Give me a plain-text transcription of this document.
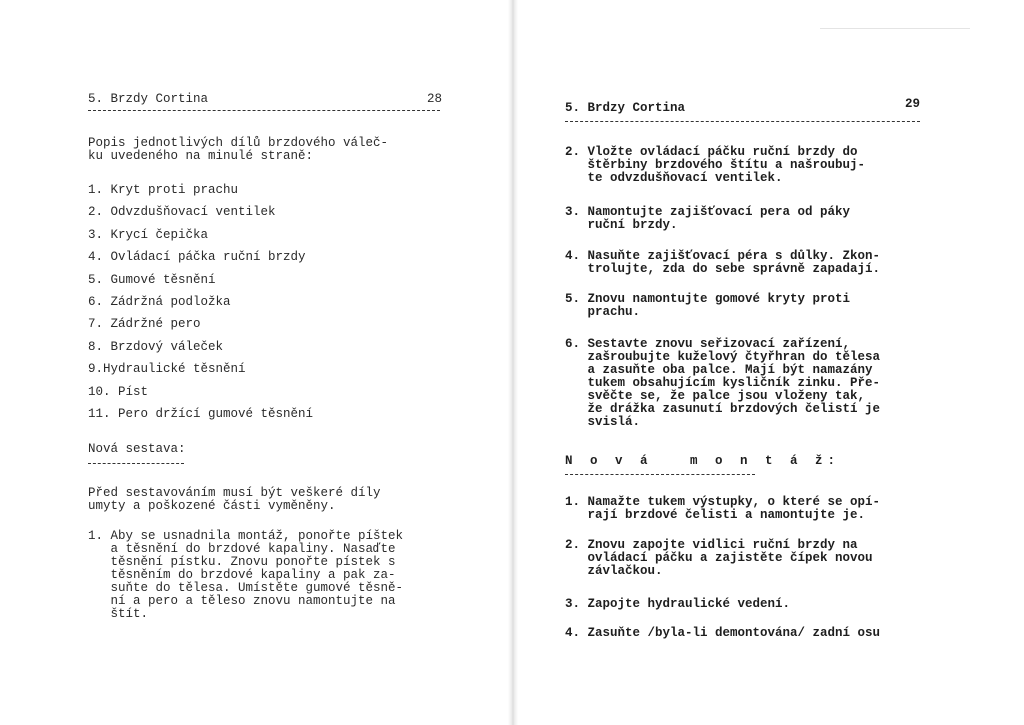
5. Brzdy Cortina	28
Popis jednotlivých dílů brzdového váleč-
ku uvedeného na minulé straně:
1. Kryt proti prachu
2. Odvzdušňovací ventilek
3. Krycí čepička
4. Ovládací páčka ruční brzdy
5. Gumové těsnění
6. Zádržná podložka
7. Zádržné pero
8. Brzdový váleček
9.Hydraulické těsnění
10. Píst
11. Pero držící gumové těsnění
Nová sestava:
Před sestavováním musí být veškeré díly
umyty a poškozené části vyměněny.
1. Aby se usnadnila montáž, ponořte píštek
a těsnění do brzdové kapaliny. Nasaďte
těsnění pístku. Znovu ponořte pístek s
těsněním do brzdové kapaliny a pak za-
suňte do tělesa. Umístěte gumové těsně-
ní a pero a těleso znovu namontujte na
štít.
5. Brdzy Cortina	29
2. Vložte ovládací páčku ruční brzdy do
štěrbiny brzdového štítu a našroubuj-
te odvzdušňovací ventilek.
3. Namontujte zajišťovací pera od páky
ruční brzdy.
4. Nasuňte zajišťovací péra s důlky. Zkon-
trolujte, zda do sebe správně zapadají.
5. Znovu namontujte gomové kryty proti
prachu.
6. Sestavte znovu seřizovací zařízení,
zašroubujte kuželový čtyřhran do tělesa
a zasuňte oba palce. Mají být namazány
tukem obsahujícím kysličník zinku. Pře-
svěčte se, že palce jsou vloženy tak,
že drážka zasunutí brzdových čelistí je
svislá.
N o v á   m o n t á ž:
1. Namažte tukem výstupky, o které se opí-
rají brzdové čelisti a namontujte je.
2. Znovu zapojte vidlici ruční brzdy na
ovládací páčku a zajistěte čípek novou
závlačkou.
3. Zapojte hydraulické vedení.
4. Zasuňte /byla-li demontována/ zadní osu
